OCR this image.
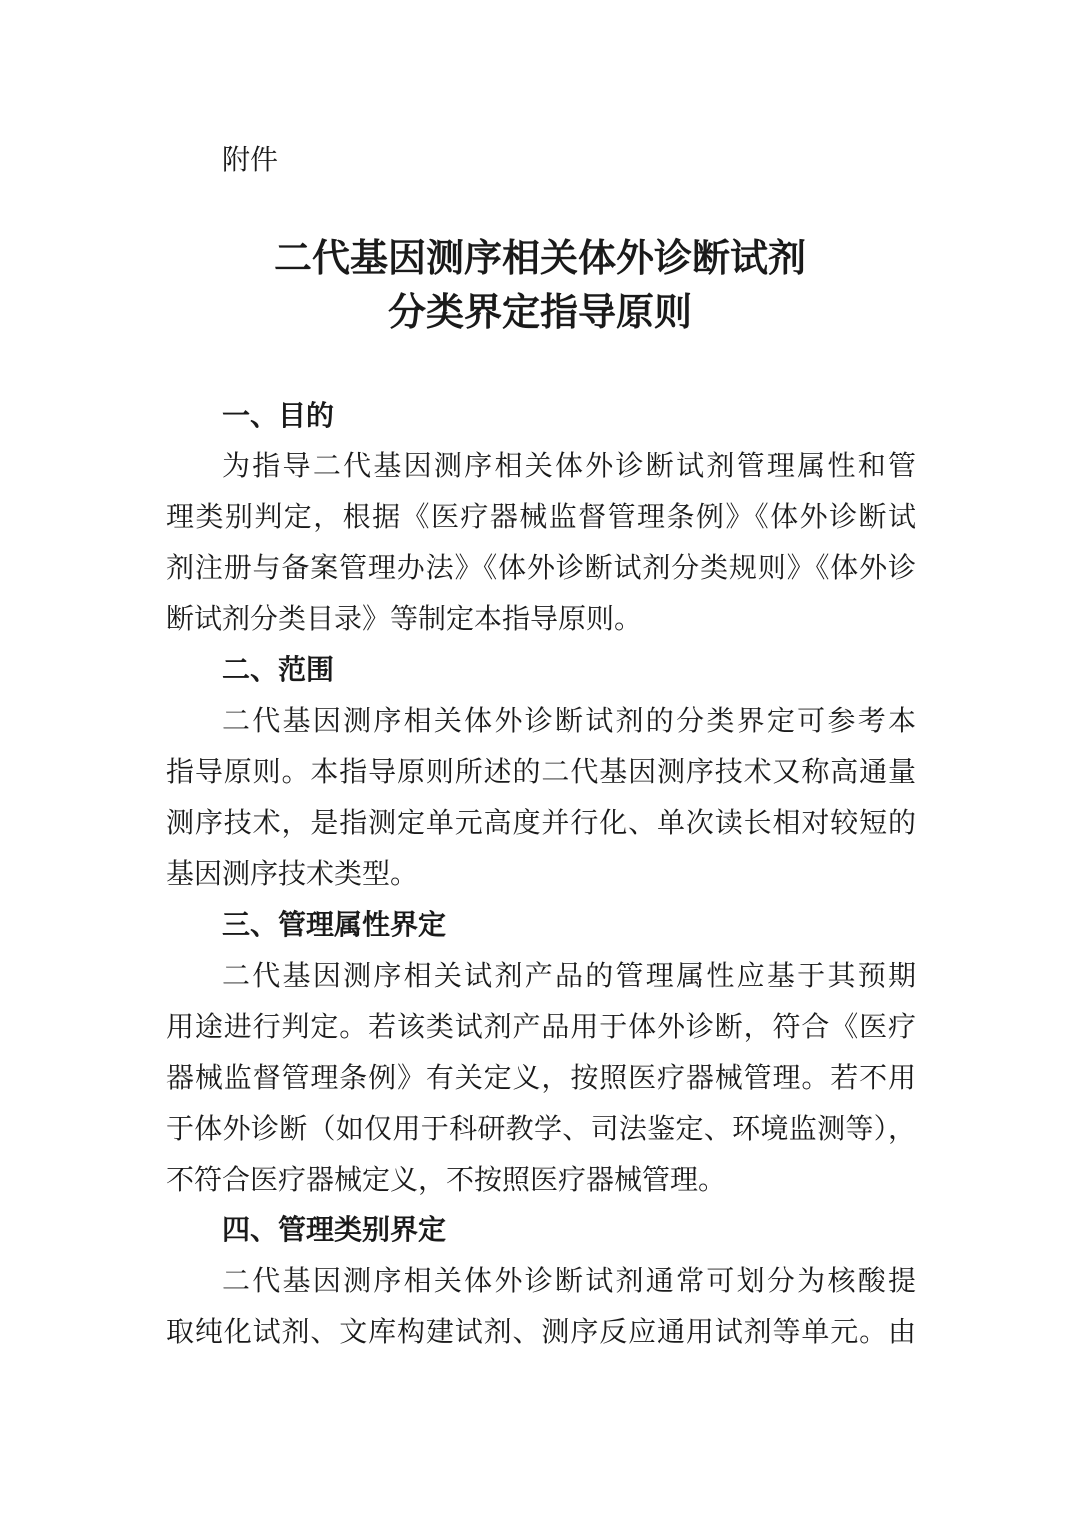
附件
二代基因测序相关体外诊断试剂
分类界定指导原则
一、目的
为指导二代基因测序相关体外诊断试剂管理属性和管
理类别判定，根据《医疗器械监督管理条例》《体外诊断试
剂注册与备案管理办法》《体外诊断试剂分类规则》《体外诊
断试剂分类目录》等制定本指导原则。
二、范围
二代基因测序相关体外诊断试剂的分类界定可参考本
指导原则。本指导原则所述的二代基因测序技术又称高通量
测序技术，是指测定单元高度并行化、单次读长相对较短的
基因测序技术类型。
三、管理属性界定
二代基因测序相关试剂产品的管理属性应基于其预期
用途进行判定。若该类试剂产品用于体外诊断，符合《医疗
器械监督管理条例》有关定义，按照医疗器械管理。若不用
于体外诊断（如仅用于科研教学、司法鉴定、环境监测等），
不符合医疗器械定义，不按照医疗器械管理。
四、管理类别界定
二代基因测序相关体外诊断试剂通常可划分为核酸提
取纯化试剂、文库构建试剂、测序反应通用试剂等单元。由
